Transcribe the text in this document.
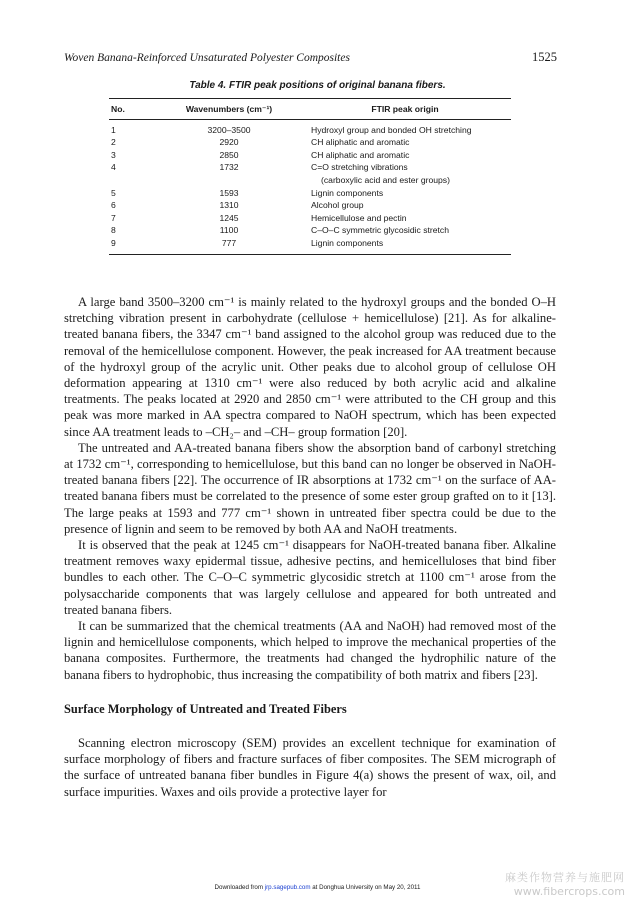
Woven Banana-Reinforced Unsaturated Polyester Composites	1525
Table 4. FTIR peak positions of original banana fibers.
No.	Wavenumbers (cm⁻¹)	FTIR peak origin
1	3200–3500	Hydroxyl group and bonded OH stretching
2	2920	CH aliphatic and aromatic
3	2850	CH aliphatic and aromatic
4	1732	C=O stretching vibrations
(carboxylic acid and ester groups)

5	1593	Lignin components
6	1310	Alcohol group
7	1245	Hemicellulose and pectin
8	1100	C–O–C symmetric glycosidic stretch
9	777	Lignin components

A large band 3500–3200 cm⁻¹ is mainly related to the hydroxyl groups and the bonded O–H stretching vibration present in carbohydrate (cellulose + hemicellulose) [21]. As for alkaline-treated banana fibers, the 3347 cm⁻¹ band assigned to the alcohol group was reduced due to the removal of the hemicellulose component. However, the peak increased for AA treatment because of the hydroxyl group of the acrylic unit. Other peaks due to alcohol group of cellulose OH deformation appearing at 1310 cm⁻¹ were also reduced by both acrylic acid and alkaline treatments. The peaks located at 2920 and 2850 cm⁻¹ were attributed to the CH group and this peak was more marked in AA spectra compared to NaOH spectrum, which has been expected since AA treatment leads to –CH₂– and –CH– group formation [20].

The untreated and AA-treated banana fibers show the absorption band of carbonyl stretching at 1732 cm⁻¹, corresponding to hemicellulose, but this band can no longer be observed in NaOH-treated banana fibers [22]. The occurrence of IR absorptions at 1732 cm⁻¹ on the surface of AA-treated banana fibers must be correlated to the presence of some ester group grafted on to it [13]. The large peaks at 1593 and 777 cm⁻¹ shown in untreated fiber spectra could be due to the presence of lignin and seem to be removed by both AA and NaOH treatments.

It is observed that the peak at 1245 cm⁻¹ disappears for NaOH-treated banana fiber. Alkaline treatment removes waxy epidermal tissue, adhesive pectins, and hemicelluloses that bind fiber bundles to each other. The C–O–C symmetric glycosidic stretch at 1100 cm⁻¹ arose from the polysaccharide components that was largely cellulose and appeared for both untreated and treated banana fibers.

It can be summarized that the chemical treatments (AA and NaOH) had removed most of the lignin and hemicellulose components, which helped to improve the mechanical properties of the banana composites. Furthermore, the treatments had changed the hydrophilic nature of the banana fibers to hydrophobic, thus increasing the compatibility of both matrix and fibers [23].

Surface Morphology of Untreated and Treated Fibers

Scanning electron microscopy (SEM) provides an excellent technique for examination of surface morphology of fibers and fracture surfaces of fiber composites. The SEM micrograph of the surface of untreated banana fiber bundles in Figure 4(a) shows the present of wax, oil, and surface impurities. Waxes and oils provide a protective layer for

Downloaded from jrp.sagepub.com at Donghua University on May 20, 2011
麻类作物营养与施肥网
www.fibercrops.com
